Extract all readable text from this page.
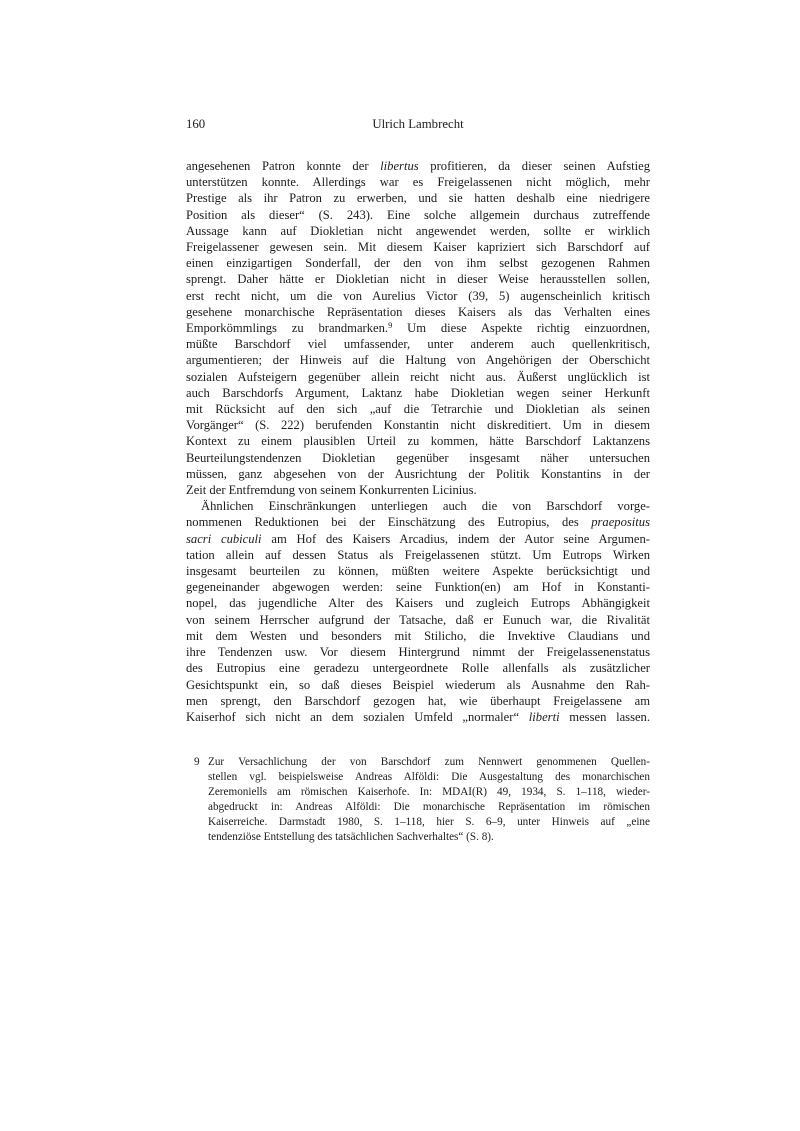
160	Ulrich Lambrecht
angesehenen Patron konnte der libertus profitieren, da dieser seinen Aufstieg
unterstützen konnte. Allerdings war es Freigelassenen nicht möglich, mehr
Prestige als ihr Patron zu erwerben, und sie hatten deshalb eine niedrigere
Position als dieser“ (S. 243). Eine solche allgemein durchaus zutreffende
Aussage kann auf Diokletian nicht angewendet werden, sollte er wirklich
Freigelassener gewesen sein. Mit diesem Kaiser kapriziert sich Barschdorf auf
einen einzigartigen Sonderfall, der den von ihm selbst gezogenen Rahmen
sprengt. Daher hätte er Diokletian nicht in dieser Weise herausstellen sollen,
erst recht nicht, um die von Aurelius Victor (39, 5) augenscheinlich kritisch
gesehene monarchische Repräsentation dieses Kaisers als das Verhalten eines
Emporkömmlings zu brandmarken.$^9$ Um diese Aspekte richtig einzuordnen,
müßte Barschdorf viel umfassender, unter anderem auch quellenkritisch,
argumentieren; der Hinweis auf die Haltung von Angehörigen der Oberschicht
sozialen Aufsteigern gegenüber allein reicht nicht aus. Äußerst unglücklich ist
auch Barschdorfs Argument, Laktanz habe Diokletian wegen seiner Herkunft
mit Rücksicht auf den sich „auf die Tetrarchie und Diokletian als seinen
Vorgänger“ (S. 222) berufenden Konstantin nicht diskreditiert. Um in diesem
Kontext zu einem plausiblen Urteil zu kommen, hätte Barschdorf Laktanzens
Beurteilungstendenzen Diokletian gegenüber insgesamt näher untersuchen
müssen, ganz abgesehen von der Ausrichtung der Politik Konstantins in der
Zeit der Entfremdung von seinem Konkurrenten Licinius.
Ähnlichen Einschränkungen unterliegen auch die von Barschdorf vorge-
nommenen Reduktionen bei der Einschätzung des Eutropius, des praepositus
sacri cubiculi am Hof des Kaisers Arcadius, indem der Autor seine Argumen-
tation allein auf dessen Status als Freigelassenen stützt. Um Eutrops Wirken
insgesamt beurteilen zu können, müßten weitere Aspekte berücksichtigt und
gegeneinander abgewogen werden: seine Funktion(en) am Hof in Konstanti-
nopel, das jugendliche Alter des Kaisers und zugleich Eutrops Abhängigkeit
von seinem Herrscher aufgrund der Tatsache, daß er Eunuch war, die Rivalität
mit dem Westen und besonders mit Stilicho, die Invektive Claudians und
ihre Tendenzen usw. Vor diesem Hintergrund nimmt der Freigelassenenstatus
des Eutropius eine geradezu untergeordnete Rolle allenfalls als zusätzlicher
Gesichtspunkt ein, so daß dieses Beispiel wiederum als Ausnahme den Rah-
men sprengt, den Barschdorf gezogen hat, wie überhaupt Freigelassene am
Kaiserhof sich nicht an dem sozialen Umfeld „normaler“ liberti messen lassen.
9 Zur Versachlichung der von Barschdorf zum Nennwert genommenen Quellen-
stellen vgl. beispielsweise Andreas Alföldi: Die Ausgestaltung des monarchischen
Zeremoniells am römischen Kaiserhofe. In: MDAI(R) 49, 1934, S. 1–118, wieder-
abgedruckt in: Andreas Alföldi: Die monarchische Repräsentation im römischen
Kaiserreiche. Darmstadt 1980, S. 1–118, hier S. 6–9, unter Hinweis auf „eine
tendenziöse Entstellung des tatsächlichen Sachverhaltes“ (S. 8).
